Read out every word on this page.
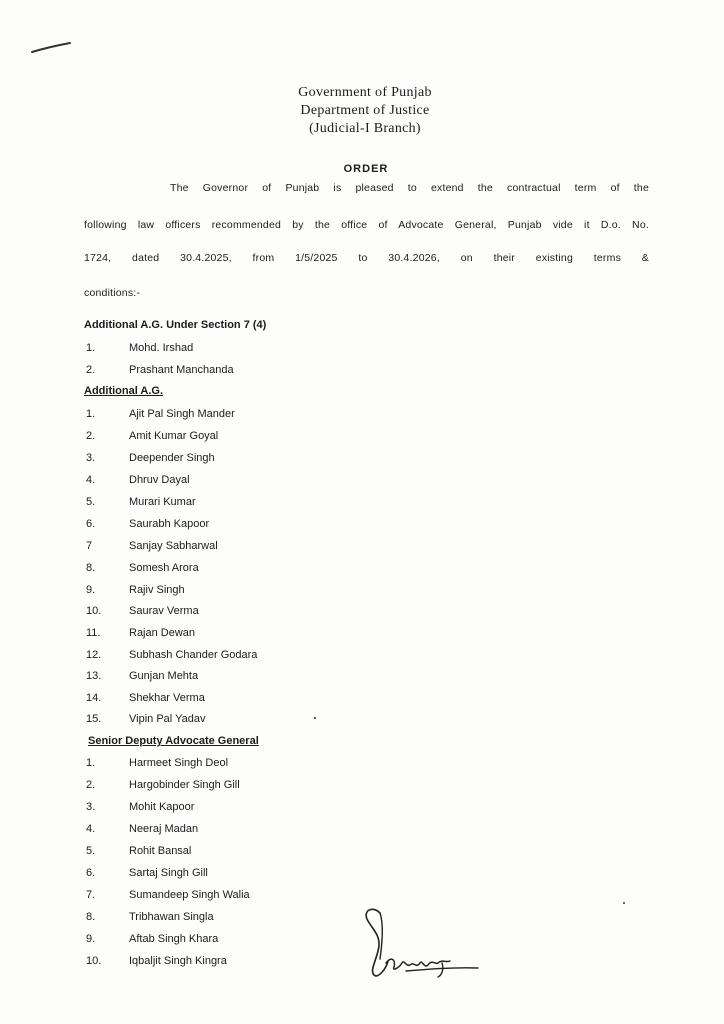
Government of Punjab
Department of Justice
(Judicial-I Branch)
ORDER
The Governor of Punjab is pleased to extend the contractual term of the
following law officers recommended by the office of Advocate General, Punjab vide it D.o. No.
1724, dated 30.4.2025, from 1/5/2025 to 30.4.2026, on their existing terms &
conditions:-
Additional A.G. Under Section 7 (4)
1.	Mohd. Irshad
2.	Prashant Manchanda
Additional A.G.
1.	Ajit Pal Singh Mander
2.	Amit Kumar Goyal
3.	Deepender Singh
4.	Dhruv Dayal
5.	Murari Kumar
6.	Saurabh Kapoor
7	Sanjay Sabharwal
8.	Somesh Arora
9.	Rajiv Singh
10.	Saurav Verma
11.	Rajan Dewan
12.	Subhash Chander Godara
13.	Gunjan Mehta
14.	Shekhar Verma
15.	Vipin Pal Yadav
Senior Deputy Advocate General
1.	Harmeet Singh Deol
2.	Hargobinder Singh Gill
3.	Mohit Kapoor
4.	Neeraj Madan
5.	Rohit Bansal
6.	Sartaj Singh Gill
7.	Sumandeep Singh Walia
8.	Tribhawan Singla
9.	Aftab Singh Khara
10.	Iqbaljit Singh Kingra
